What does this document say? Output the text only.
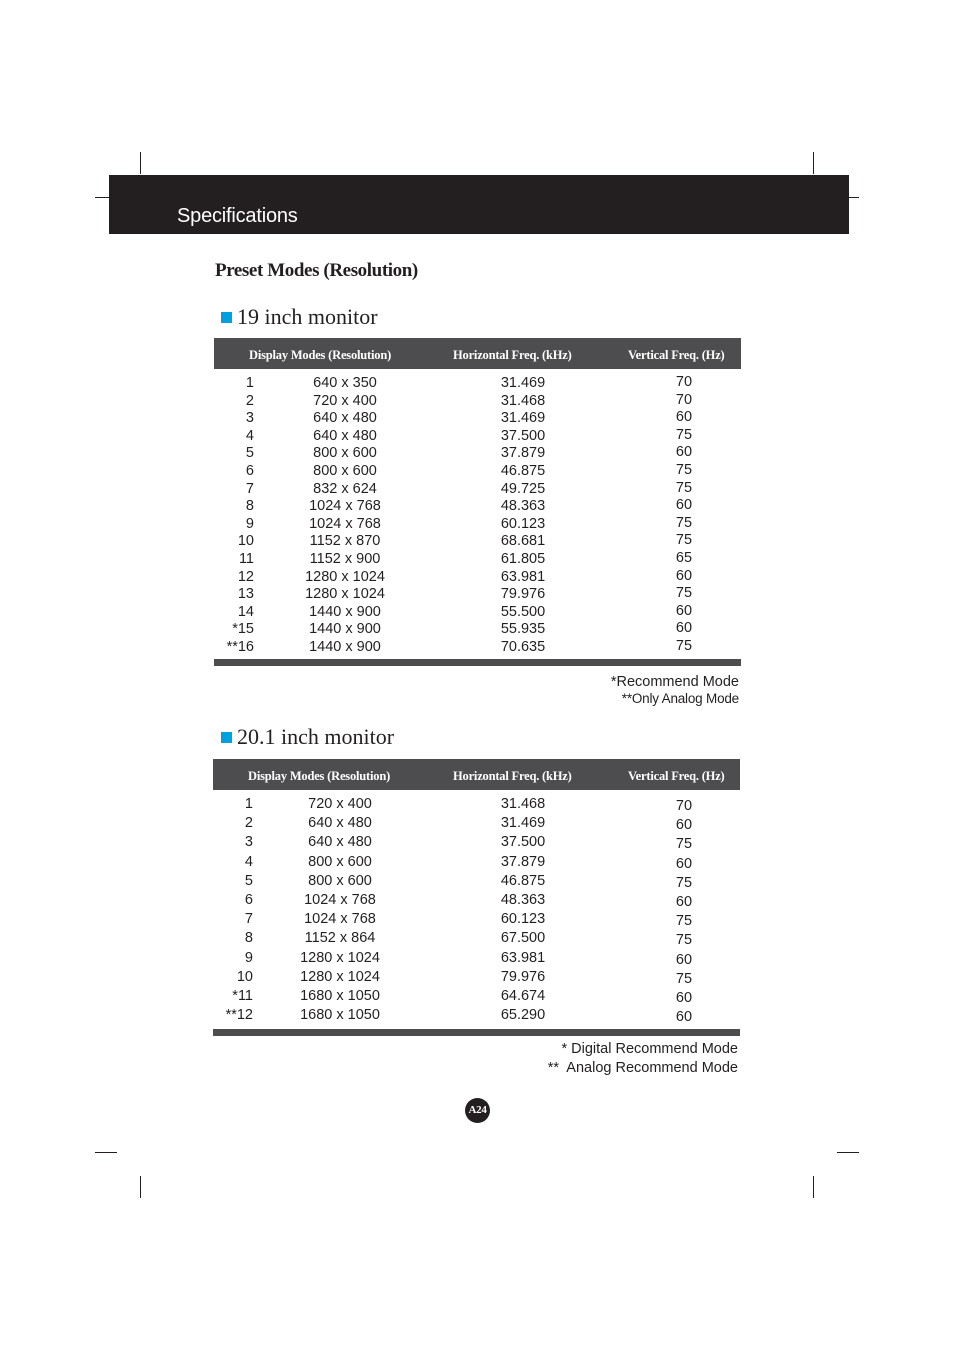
Specifications
Preset Modes (Resolution)
19 inch monitor
Display Modes (Resolution)	Horizontal Freq. (kHz)	Vertical Freq. (Hz)
1	640 x 350	31.469	70
2	720 x 400	31.468	70
3	640 x 480	31.469	60
4	640 x 480	37.500	75
5	800 x 600	37.879	60
6	800 x 600	46.875	75
7	832 x 624	49.725	75
8	1024 x 768	48.363	60
9	1024 x 768	60.123	75
10	1152 x 870	68.681	75
11	1152 x 900	61.805	65
12	1280 x 1024	63.981	60
13	1280 x 1024	79.976	75
14	1440 x 900	55.500	60
*15	1440 x 900	55.935	60
**16	1440 x 900	70.635	75
*Recommend Mode
**Only Analog Mode
20.1 inch monitor
Display Modes (Resolution)	Horizontal Freq. (kHz)	Vertical Freq. (Hz)
1	720 x 400	31.468	70
2	640 x 480	31.469	60
3	640 x 480	37.500	75
4	800 x 600	37.879	60
5	800 x 600	46.875	75
6	1024 x 768	48.363	60
7	1024 x 768	60.123	75
8	1152 x 864	67.500	75
9	1280 x 1024	63.981	60
10	1280 x 1024	79.976	75
*11	1680 x 1050	64.674	60
**12	1680 x 1050	65.290	60
* Digital Recommend Mode
**  Analog Recommend Mode
A24
